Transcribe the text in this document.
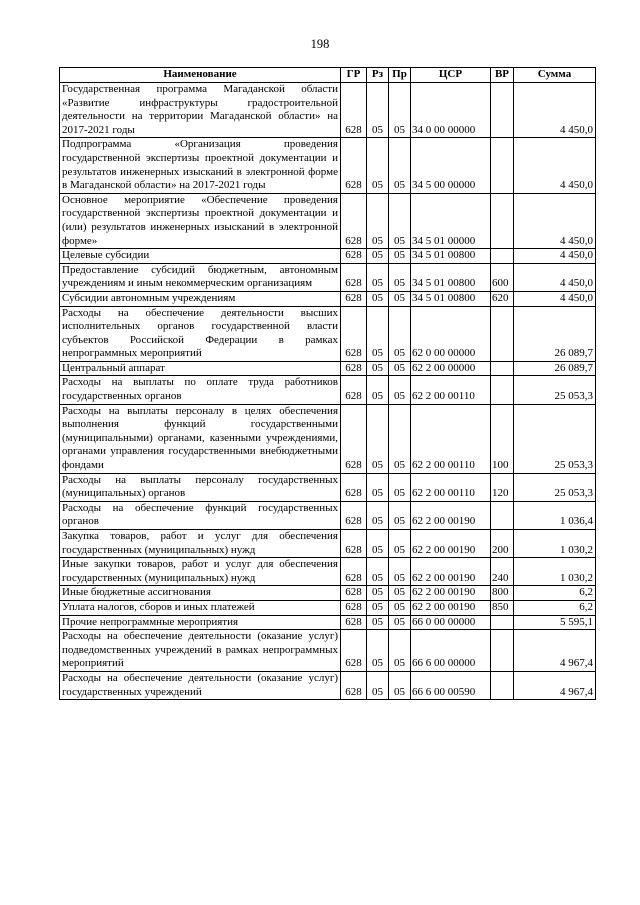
198
Наименование	ГР	Рз	Пр	ЦСР	ВР	Сумма
Государственная программа Магаданской области «Развитие инфраструктуры градостроительной деятельности на территории Магаданской области» на 2017-2021 годы	628	05	05	34 0 00 00000		4 450,0
Подпрограмма «Организация проведения государственной экспертизы проектной документации и результатов инженерных изысканий в электронной форме в Магаданской области» на 2017-2021 годы	628	05	05	34 5 00 00000		4 450,0
Основное мероприятие «Обеспечение проведения государственной экспертизы проектной документации и (или) результатов инженерных изысканий в электронной форме»	628	05	05	34 5 01 00000		4 450,0
Целевые субсидии	628	05	05	34 5 01 00800		4 450,0
Предоставление субсидий бюджетным, автономным учреждениям и иным некоммерческим организациям	628	05	05	34 5 01 00800	600	4 450,0
Субсидии автономным учреждениям	628	05	05	34 5 01 00800	620	4 450,0
Расходы на обеспечение деятельности высших исполнительных органов государственной власти субъектов Российской Федерации в рамках непрограммных мероприятий	628	05	05	62 0 00 00000		26 089,7
Центральный аппарат	628	05	05	62 2 00 00000		26 089,7
Расходы на выплаты по оплате труда работников государственных органов	628	05	05	62 2 00 00110		25 053,3
Расходы на выплаты персоналу в целях обеспечения выполнения функций государственными (муниципальными) органами, казенными учреждениями, органами управления государственными внебюджетными фондами	628	05	05	62 2 00 00110	100	25 053,3
Расходы на выплаты персоналу государственных (муниципальных) органов	628	05	05	62 2 00 00110	120	25 053,3
Расходы на обеспечение функций государственных органов	628	05	05	62 2 00 00190		1 036,4
Закупка товаров, работ и услуг для обеспечения государственных (муниципальных) нужд	628	05	05	62 2 00 00190	200	1 030,2
Иные закупки товаров, работ и услуг для обеспечения государственных (муниципальных) нужд	628	05	05	62 2 00 00190	240	1 030,2
Иные бюджетные ассигнования	628	05	05	62 2 00 00190	800	6,2
Уплата налогов, сборов и иных платежей	628	05	05	62 2 00 00190	850	6,2
Прочие непрограммные мероприятия	628	05	05	66 0 00 00000		5 595,1
Расходы на обеспечение деятельности (оказание услуг) подведомственных учреждений в рамках непрограммных мероприятий	628	05	05	66 6 00 00000		4 967,4
Расходы на обеспечение деятельности (оказание услуг) государственных учреждений	628	05	05	66 6 00 00590		4 967,4
